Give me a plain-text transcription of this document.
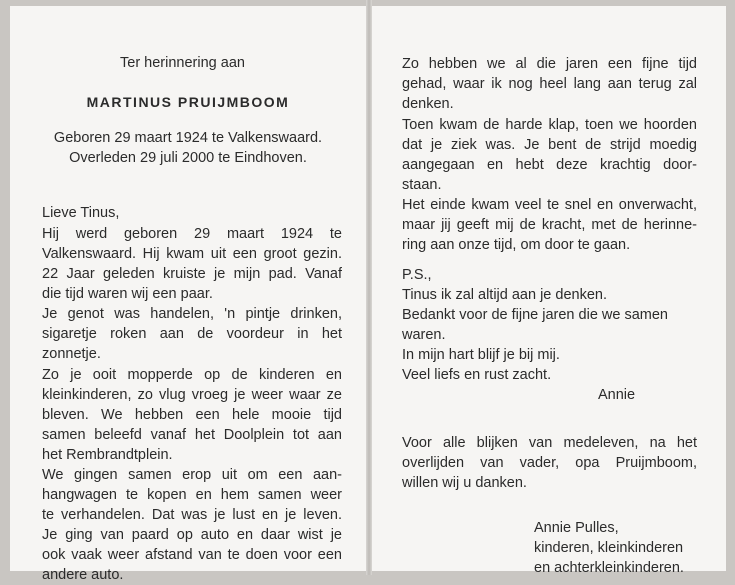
Ter herinnering aan
MARTINUS PRUIJMBOOM
Geboren 29 maart 1924 te Valkenswaard.
Overleden 29 juli 2000 te Eindhoven.
Lieve Tinus,
Hij werd geboren 29 maart 1924 te
Valkenswaard. Hij kwam uit een groot gezin.
22 Jaar geleden kruiste je mijn pad. Vanaf
die tijd waren wij een paar.
Je genot was handelen, 'n pintje drinken,
sigaretje roken aan de voordeur in het
zonnetje.
Zo je ooit mopperde op de kinderen en
kleinkinderen, zo vlug vroeg je weer waar ze
bleven. We hebben een hele mooie tijd
samen beleefd vanaf het Doolplein tot aan
het Rembrandtplein.
We gingen samen erop uit om een aan-
hangwagen te kopen en hem samen weer
te verhandelen. Dat was je lust en je leven.
Je ging van paard op auto en daar wist je
ook vaak weer afstand van te doen voor een
andere auto.
Zo hebben we al die jaren een fijne tijd
gehad, waar ik nog heel lang aan terug zal
denken.
Toen kwam de harde klap, toen we hoorden
dat je ziek was. Je bent de strijd moedig
aangegaan en hebt deze krachtig door-
staan.
Het einde kwam veel te snel en onverwacht,
maar jij geeft mij de kracht, met de herinne-
ring aan onze tijd, om door te gaan.
P.S.,
Tinus ik zal altijd aan je denken.
Bedankt voor de fijne jaren die we samen
waren.
In mijn hart blijf je bij mij.
Veel liefs en rust zacht.
Annie
Voor alle blijken van medeleven, na het
overlijden van vader, opa Pruijmboom,
willen wij u danken.
Annie Pulles,
kinderen, kleinkinderen
en achterkleinkinderen.
